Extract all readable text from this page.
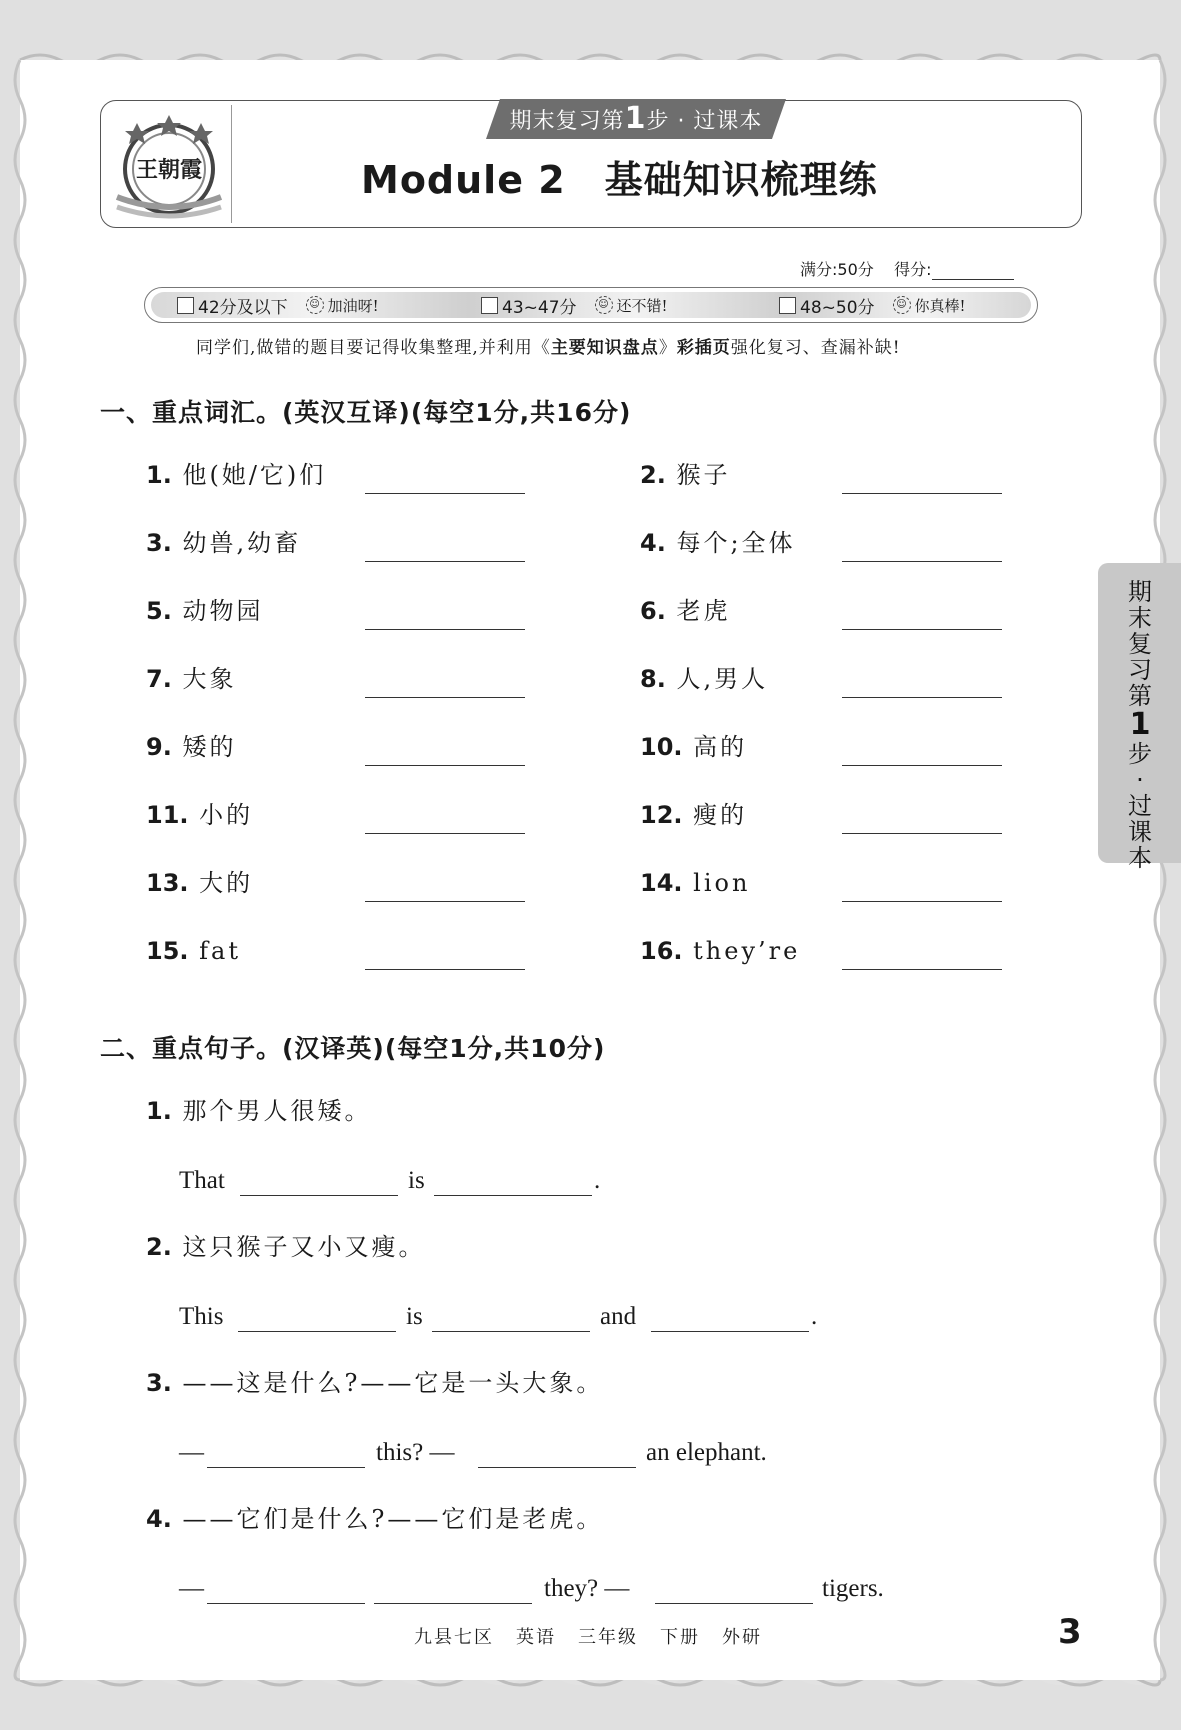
王朝霞
期末复习第1步 · 过课本
Module 2　基础知识梳理练
满分:50分 得分:
42分及以下	☺ 加油呀!	43~47分	☺ 还不错!	48~50分	☺ 你真棒!
同学们,做错的题目要记得收集整理,并利用《主要知识盘点》彩插页强化复习、查漏补缺!
一、重点词汇。(英汉互译)(每空1分,共16分)
1. 他(她/它)们	2. 猴子
3. 幼兽,幼畜	4. 每个;全体
5. 动物园	6. 老虎
7. 大象	8. 人,男人
9. 矮的	10. 高的
11. 小的	12. 瘦的
13. 大的	14. lion
15. fat	16. they’re
二、重点句子。(汉译英)(每空1分,共10分)
1. 那个男人很矮。
That	is	.
2. 这只猴子又小又瘦。
This	is	and	.
3. ——这是什么?——它是一头大象。
—	this? —	an elephant.
4. ——它们是什么?——它们是老虎。
—	they? —	tigers.
期
末
复
习
第
1
步
·
过
课
本
九县七区 英语 三年级 下册 外研	3
